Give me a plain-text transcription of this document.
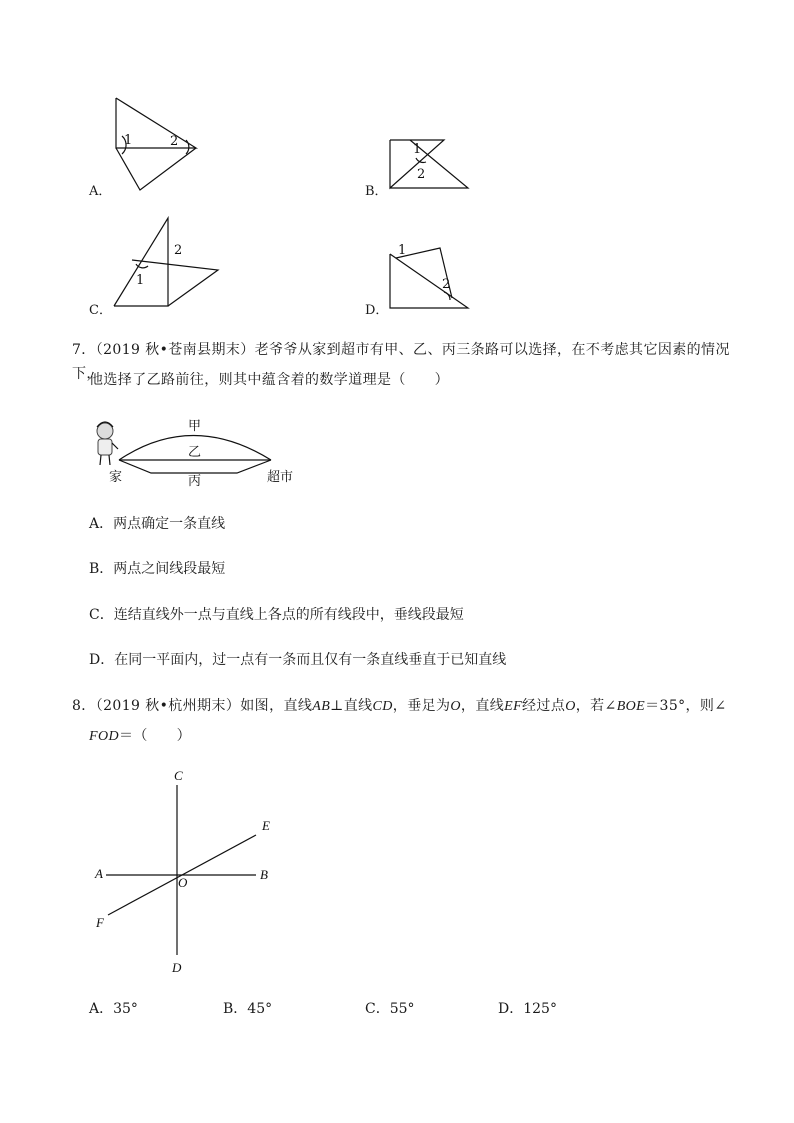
1	2
A．
1
2
B．
2
1
C．
1
2
D．
7．（2019 秋•苍南县期末）老爷爷从家到超市有甲、乙、丙三条路可以选择，在不考虑其它因素的情况下，
他选择了乙路前往，则其中蕴含着的数学道理是（　　）
甲
乙
丙
家	超市
A．两点确定一条直线
B．两点之间线段最短
C．连结直线外一点与直线上各点的所有线段中，垂线段最短
D．在同一平面内，过一点有一条而且仅有一条直线垂直于已知直线
8．（2019 秋•杭州期末）如图，直线AB⊥直线CD，垂足为O，直线EF经过点O，若∠BOE＝35°，则∠
FOD＝（　　）
C
E
A
O
B
F
D
A．35°	B．45°	C．55°	D．125°
